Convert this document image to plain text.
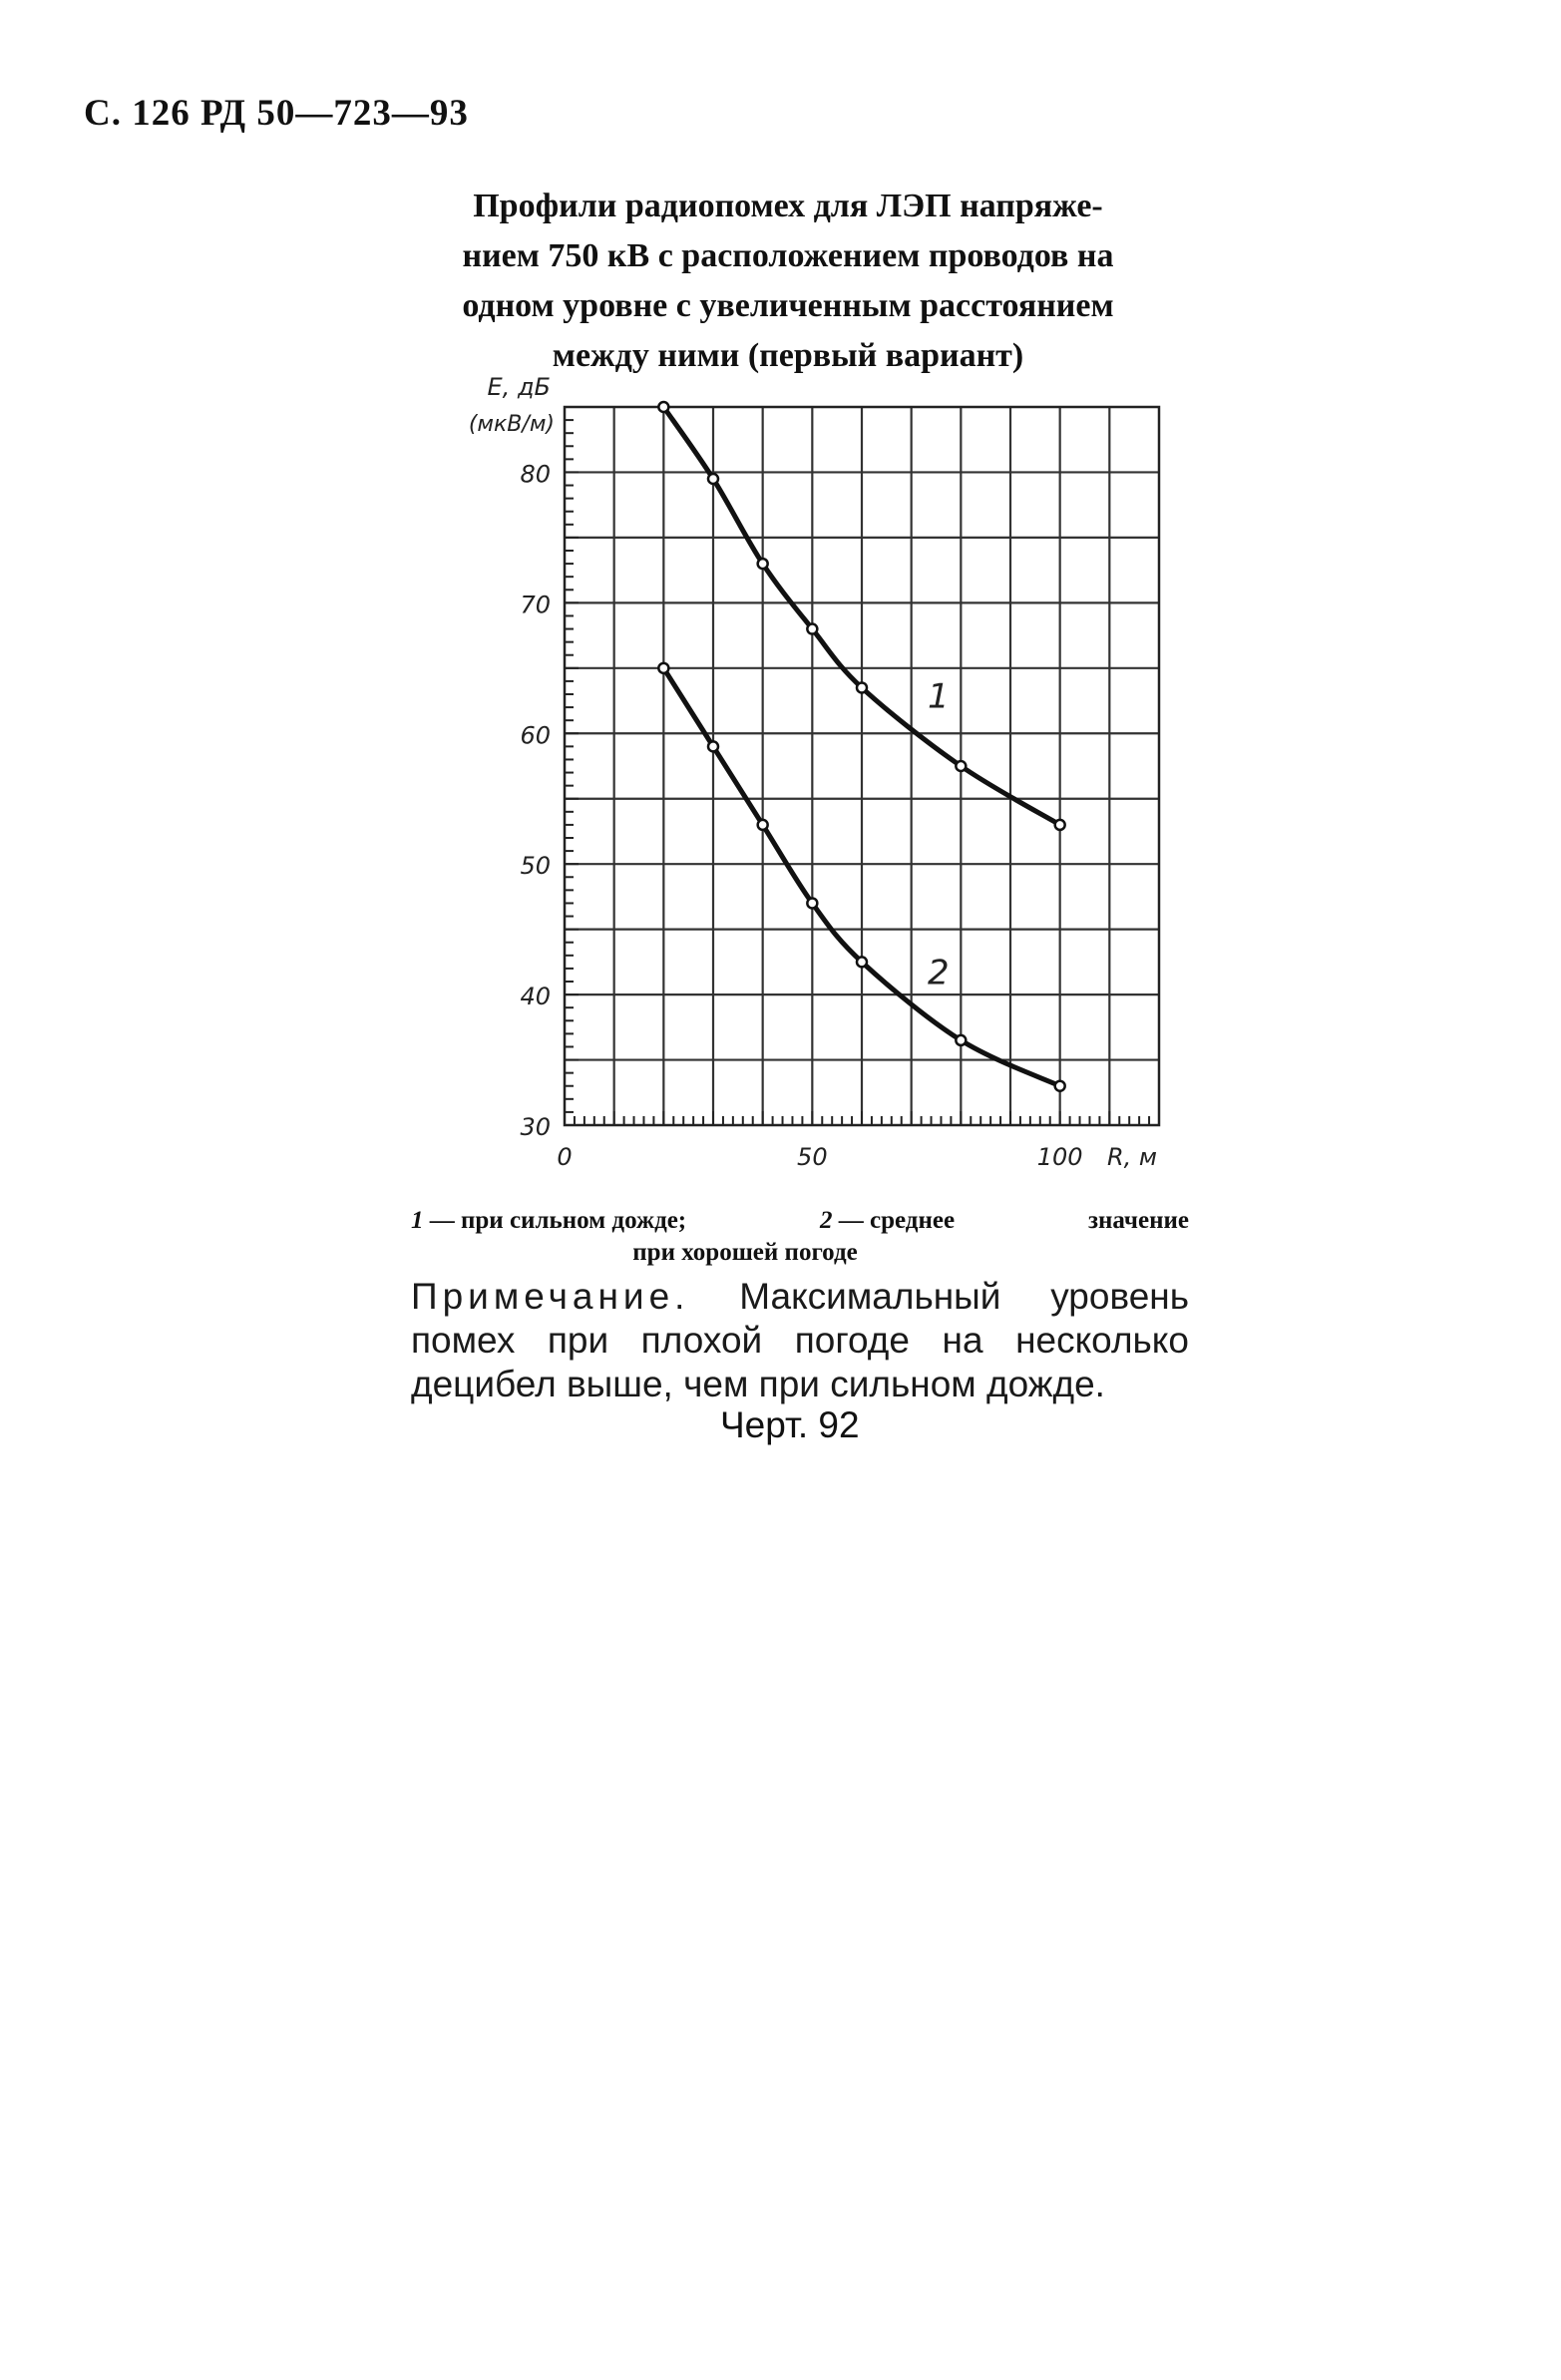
С. 126 РД 50—723—93
Профили радиопомех для ЛЭП напряже-
нием 750 кВ с расположением проводов на
одном уровне с увеличенным расстоянием
между ними (первый вариант)
30
40
50
60
70
80
0	50	100
E, дБ
(мкВ/м)
R, м
1
2
1 — при сильном дожде;	2 — среднее	значение
при хорошей погоде
Примечание. Максимальный уровень помех при плохой погоде на несколько децибел выше, чем при сильном дожде.
Черт. 92
